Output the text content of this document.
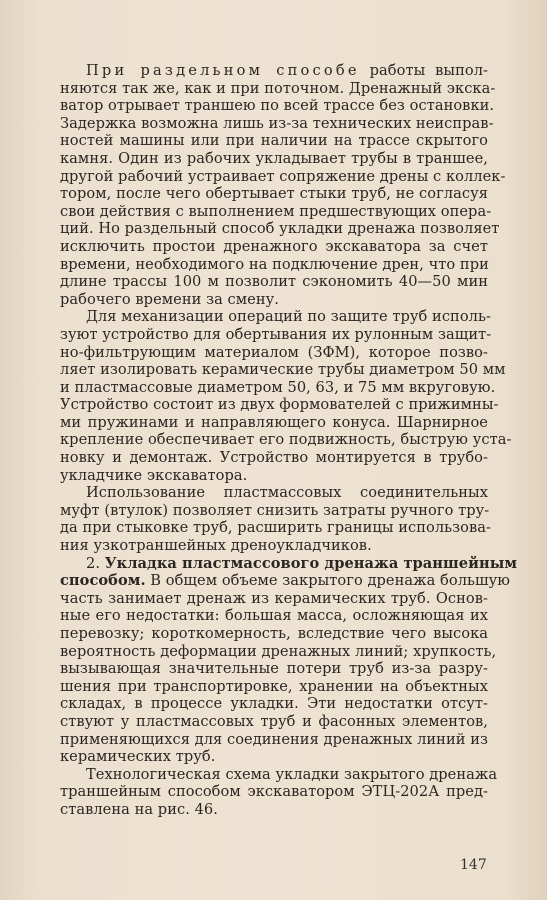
При раздельном способе работы выпол-
няются так же, как и при поточном. Дренажный экска-
ватор отрывает траншею по всей трассе без остановки.
Задержка возможна лишь из-за технических неисправ-
ностей машины или при наличии на трассе скрытого
камня. Один из рабочих укладывает трубы в траншее,
другой рабочий устраивает сопряжение дрены с коллек-
тором, после чего обертывает стыки труб, не согласуя
свои действия с выполнением предшествующих опера-
ций. Но раздельный способ укладки дренажа позволяет
исключить простои дренажного экскаватора за счет
времени, необходимого на подключение дрен, что при
длине трассы 100 м позволит сэкономить 40—50 мин
рабочего времени за смену.

Для механизации операций по защите труб исполь-
зуют устройство для обертывания их рулонным защит-
но-фильтрующим материалом (ЗФМ), которое позво-
ляет изолировать керамические трубы диаметром 50 мм
и пластмассовые диаметром 50, 63, и 75 мм вкруговую.
Устройство состоит из двух формователей с прижимны-
ми пружинами и направляющего конуса. Шарнирное
крепление обеспечивает его подвижность, быструю уста-
новку и демонтаж. Устройство монтируется в трубо-
укладчике экскаватора.

Использование пластмассовых соединительных
муфт (втулок) позволяет снизить затраты ручного тру-
да при стыковке труб, расширить границы использова-
ния узкотраншейных дреноукладчиков.

2. Укладка пластмассового дренажа траншейным
способом. В общем объеме закрытого дренажа большую
часть занимает дренаж из керамических труб. Основ-
ные его недостатки: большая масса, осложняющая их
перевозку; короткомерность, вследствие чего высока
вероятность деформации дренажных линий; хрупкость,
вызывающая значительные потери труб из-за разру-
шения при транспортировке, хранении на объектных
складах, в процессе укладки. Эти недостатки отсут-
ствуют у пластмассовых труб и фасонных элементов,
применяющихся для соединения дренажных линий из
керамических труб.

Технологическая схема укладки закрытого дренажа
траншейным способом экскаватором ЭТЦ-202А пред-
ставлена на рис. 46.

147
